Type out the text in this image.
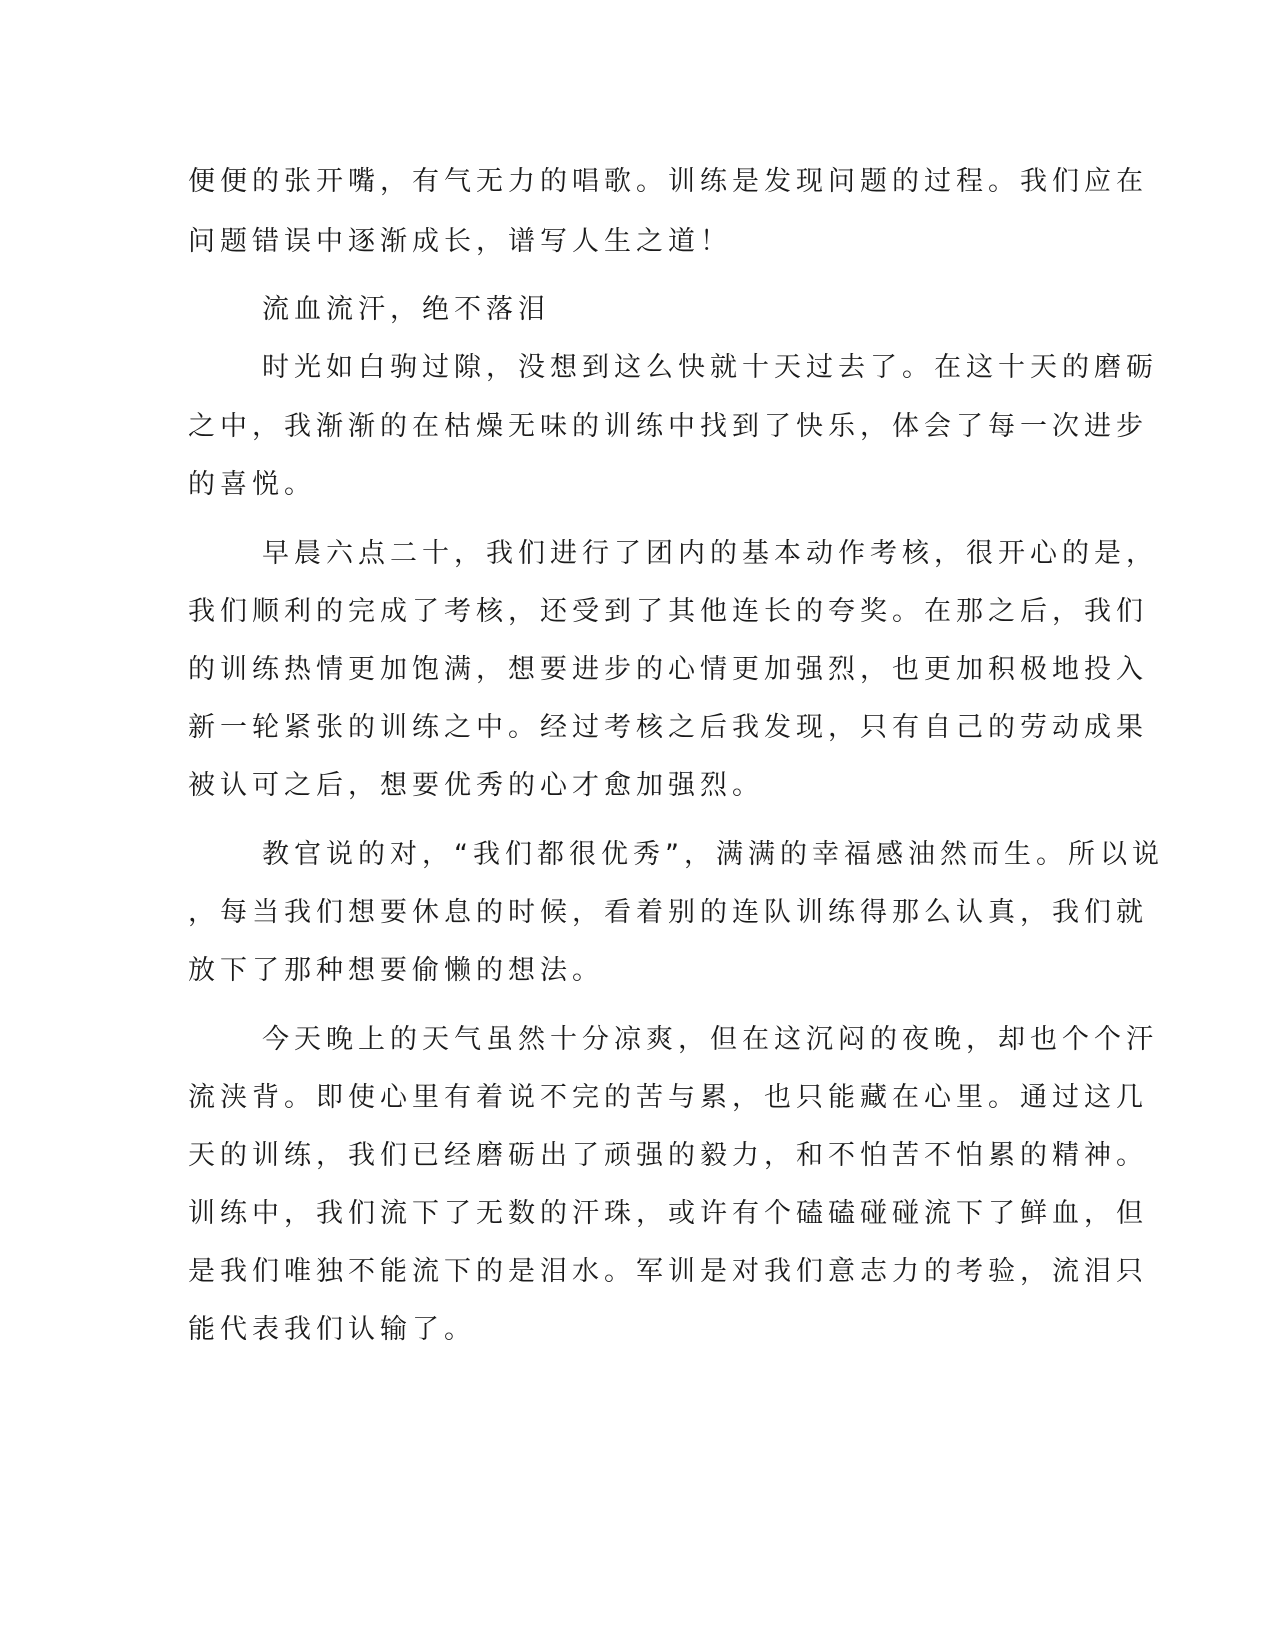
便便的张开嘴，有气无力的唱歌。训练是发现问题的过程。我们应在
问题错误中逐渐成长，谱写人生之道！
流血流汗，绝不落泪
时光如白驹过隙，没想到这么快就十天过去了。在这十天的磨砺
之中，我渐渐的在枯燥无味的训练中找到了快乐，体会了每一次进步
的喜悦。
早晨六点二十，我们进行了团内的基本动作考核，很开心的是，
我们顺利的完成了考核，还受到了其他连长的夸奖。在那之后，我们
的训练热情更加饱满，想要进步的心情更加强烈，也更加积极地投入
新一轮紧张的训练之中。经过考核之后我发现，只有自己的劳动成果
被认可之后，想要优秀的心才愈加强烈。
教官说的对，“我们都很优秀”，满满的幸福感油然而生。所以说
，每当我们想要休息的时候，看着别的连队训练得那么认真，我们就
放下了那种想要偷懒的想法。
今天晚上的天气虽然十分凉爽，但在这沉闷的夜晚，却也个个汗
流浃背。即使心里有着说不完的苦与累，也只能藏在心里。通过这几
天的训练，我们已经磨砺出了顽强的毅力，和不怕苦不怕累的精神。
训练中，我们流下了无数的汗珠，或许有个磕磕碰碰流下了鲜血，但
是我们唯独不能流下的是泪水。军训是对我们意志力的考验，流泪只
能代表我们认输了。
